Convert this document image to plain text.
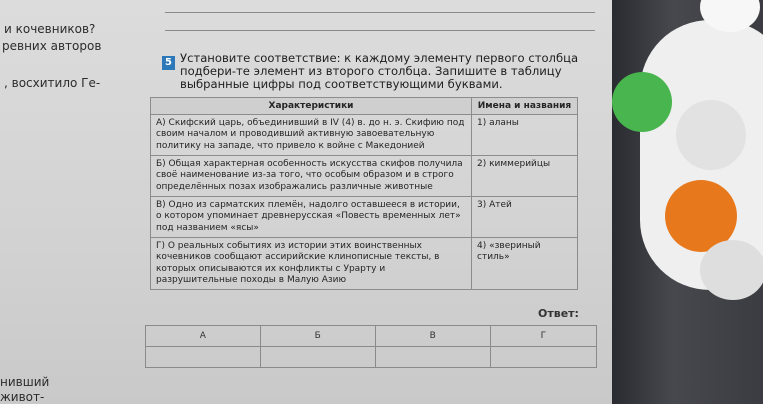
и кочевников?
ревних авторов
, восхитило Ге-
нивший
живот-
5 Установите соответствие: к каждому элементу первого столбца подбери-те элемент из второго столбца. Запишите в таблицу выбранные цифры под соответствующими буквами.
Характеристики	Имена и названия
А) Скифский царь, объединивший в IV (4) в. до н. э. Скифию под своим началом и проводивший активную завоевательную политику на западе, что привело к войне с Македонией	1) аланы
Б) Общая характерная особенность искусства скифов получила своё наименование из-за того, что особым образом и в строго определённых позах изображались различные животные	2) киммерийцы
В) Одно из сарматских племён, надолго оставшееся в истории, о котором упоминает древнерусская «Повесть временных лет» под названием «ясы»	3) Атей
Г) О реальных событиях из истории этих воинственных кочевников сообщают ассирийские клинописные тексты, в которых описываются их конфликты с Урарту и разрушительные походы в Малую Азию	4) «звериный стиль»
Ответ:
А	Б	В	Г
